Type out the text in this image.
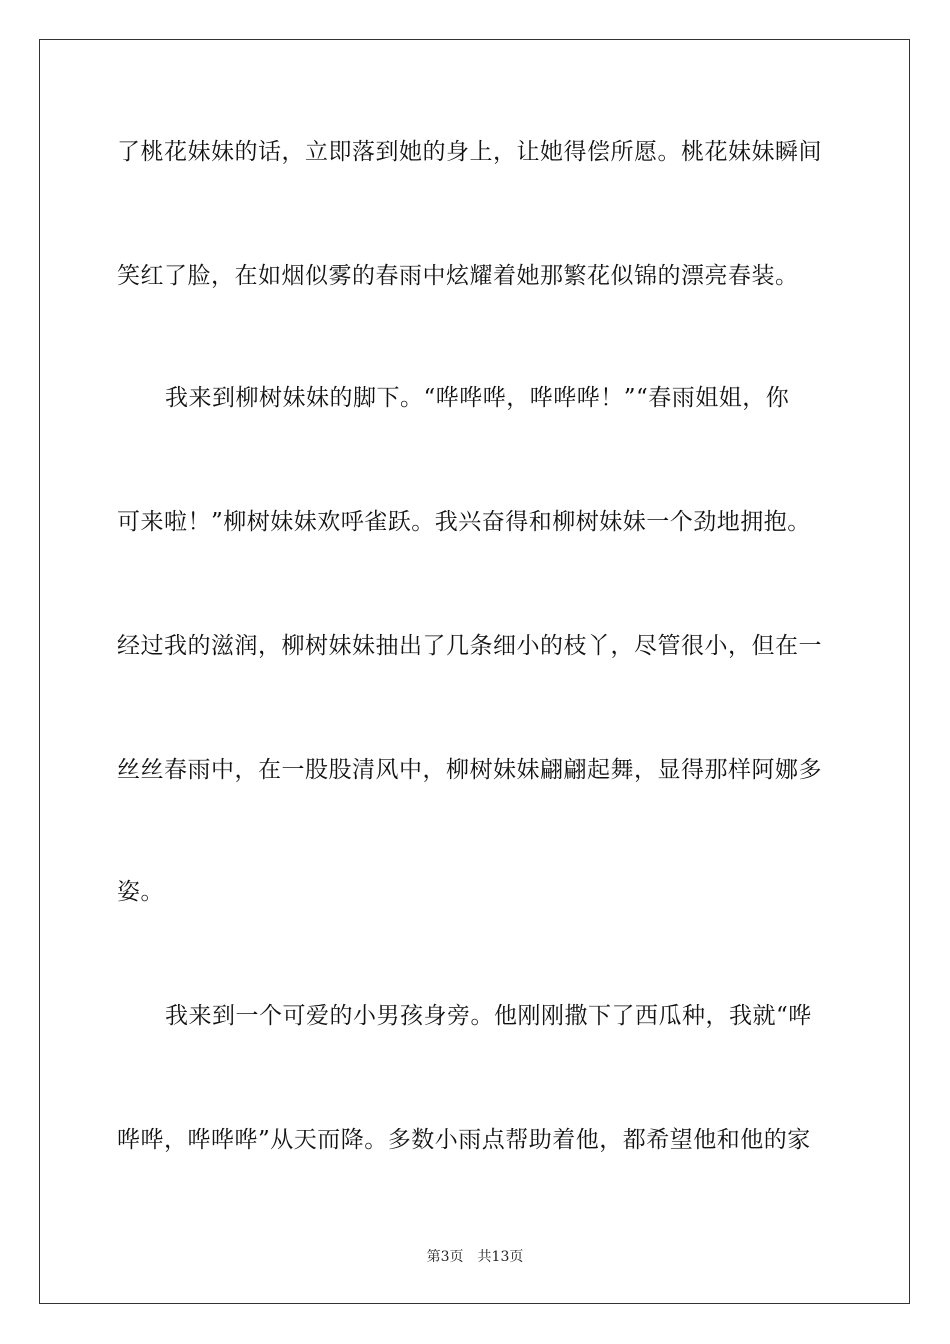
了桃花妹妹的话，立即落到她的身上，让她得偿所愿。桃花妹妹瞬间
笑红了脸，在如烟似雾的春雨中炫耀着她那繁花似锦的漂亮春装。
我来到柳树妹妹的脚下。“哗哗哗，哗哗哗！”“春雨姐姐，你
可来啦！”柳树妹妹欢呼雀跃。我兴奋得和柳树妹妹一个劲地拥抱。
经过我的滋润，柳树妹妹抽出了几条细小的枝丫，尽管很小，但在一
丝丝春雨中，在一股股清风中，柳树妹妹翩翩起舞，显得那样阿娜多
姿。
我来到一个可爱的小男孩身旁。他刚刚撒下了西瓜种，我就“哗
哗哗，哗哗哗”从天而降。多数小雨点帮助着他，都希望他和他的家
第3页 共13页
